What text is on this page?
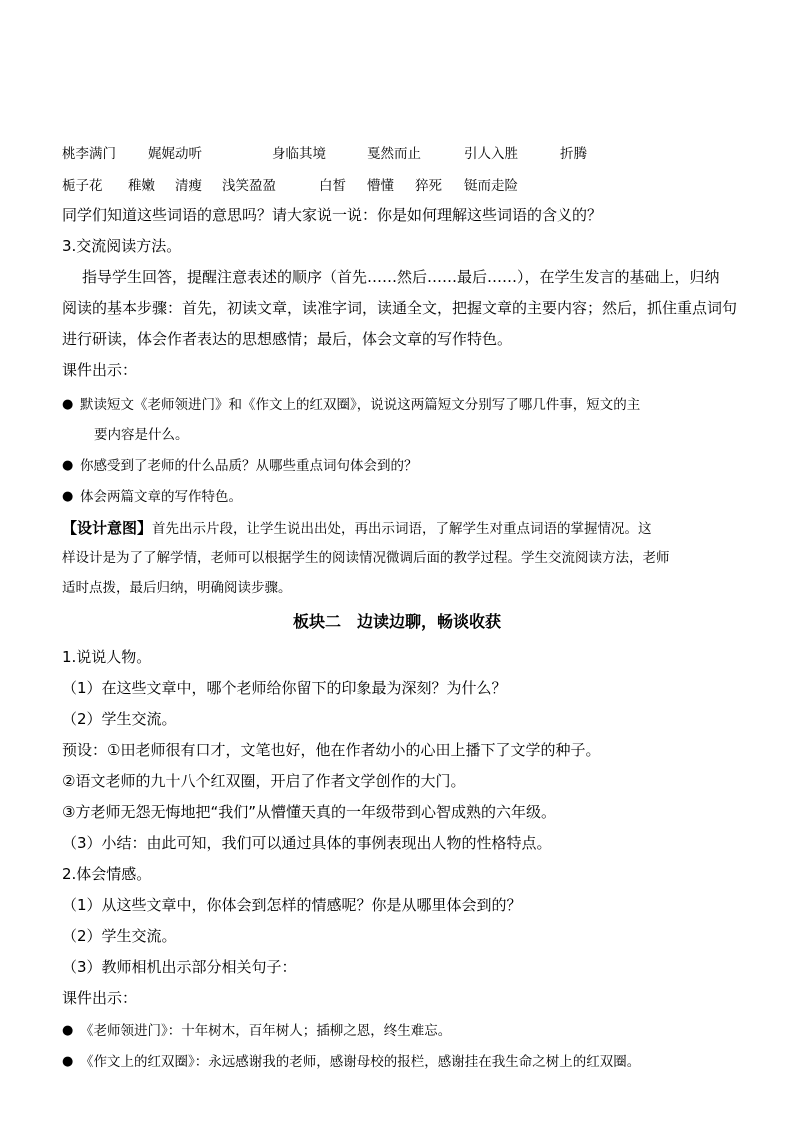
桃李满门 娓娓动听	身临其境	戛然而止	引人入胜	折腾
栀子花 稚嫩 清瘦 浅笑盈盈	白皙 懵懂 猝死 铤而走险
同学们知道这些词语的意思吗？请大家说一说：你是如何理解这些词语的含义的？
3.交流阅读方法。
指导学生回答，提醒注意表述的顺序（首先……然后……最后……），在学生发言的基础上，归纳
阅读的基本步骤：首先，初读文章，读准字词，读通全文，把握文章的主要内容；然后，抓住重点词句
进行研读，体会作者表达的思想感情；最后，体会文章的写作特色。
课件出示：
● 默读短文《老师领进门》和《作文上的红双圈》，说说这两篇短文分别写了哪几件事，短文的主
要内容是什么。
● 你感受到了老师的什么品质？从哪些重点词句体会到的？
● 体会两篇文章的写作特色。
【设计意图】首先出示片段，让学生说出出处，再出示词语，了解学生对重点词语的掌握情况。这
样设计是为了了解学情，老师可以根据学生的阅读情况微调后面的教学过程。学生交流阅读方法，老师
适时点拨，最后归纳，明确阅读步骤。
板块二　边读边聊，畅谈收获
1.说说人物。
（1）在这些文章中，哪个老师给你留下的印象最为深刻？为什么？
（2）学生交流。
预设：①田老师很有口才，文笔也好，他在作者幼小的心田上播下了文学的种子。
②语文老师的九十八个红双圈，开启了作者文学创作的大门。
③方老师无怨无悔地把“我们”从懵懂天真的一年级带到心智成熟的六年级。
（3）小结：由此可知，我们可以通过具体的事例表现出人物的性格特点。
2.体会情感。
（1）从这些文章中，你体会到怎样的情感呢？你是从哪里体会到的？
（2）学生交流。
（3）教师相机出示部分相关句子：
课件出示：
● 《老师领进门》：十年树木，百年树人；插柳之恩，终生难忘。
● 《作文上的红双圈》：永远感谢我的老师，感谢母校的报栏，感谢挂在我生命之树上的红双圈。
